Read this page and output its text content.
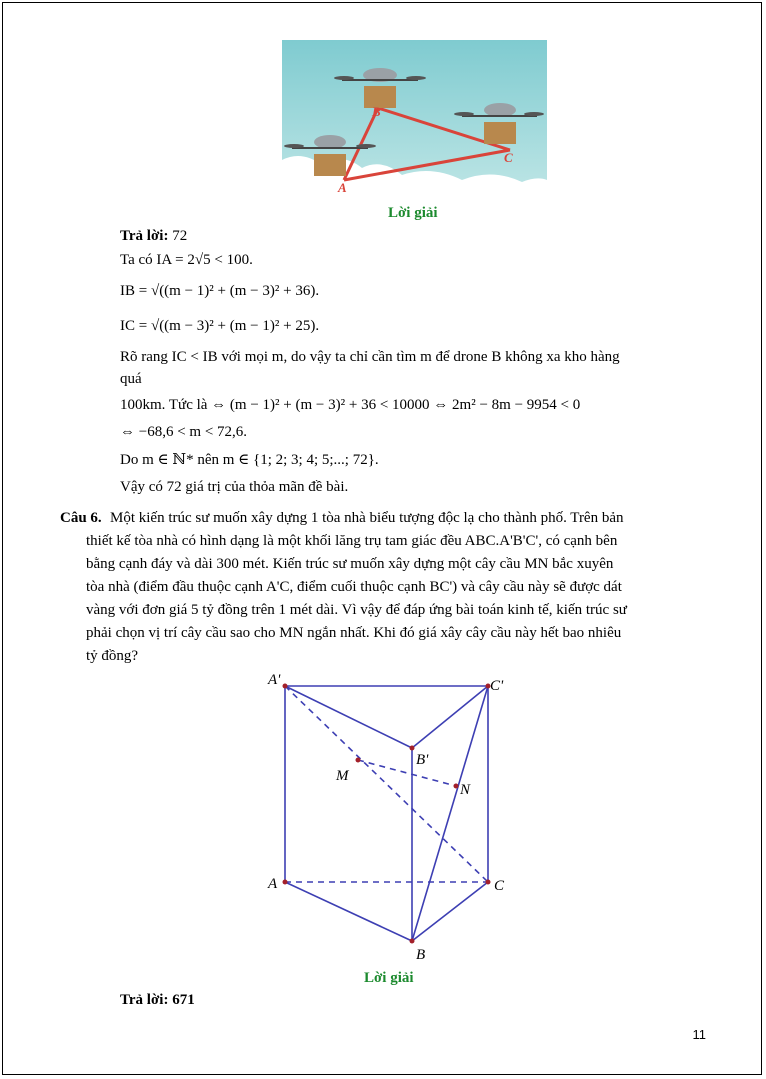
B
C
A
Lời giải
Trả lời: 72
Ta có IA = 2√5 < 100.
IB = √((m − 1)² + (m − 3)² + 36).
IC = √((m − 3)² + (m − 1)² + 25).
Rõ rang IC < IB với mọi m, do vậy ta chỉ cần tìm m để drone B không xa kho hàng
quá
100km. Tức là ⇔ (m − 1)² + (m − 3)² + 36 < 10000 ⇔ 2m² − 8m − 9954 < 0
⇔ −68,6 < m < 72,6.
Do m ∈ ℕ* nên m ∈ {1; 2; 3; 4; 5;...; 72}.
Vậy có 72 giá trị của thỏa mãn đề bài.
Câu 6. Một kiến trúc sư muốn xây dựng 1 tòa nhà biểu tượng độc lạ cho thành phố. Trên bản
thiết kế tòa nhà có hình dạng là một khối lăng trụ tam giác đều ABC.A'B'C', có cạnh bên
bằng cạnh đáy và dài 300 mét. Kiến trúc sư muốn xây dựng một cây cầu MN bắc xuyên
tòa nhà (điểm đầu thuộc cạnh A'C, điểm cuối thuộc cạnh BC') và cây cầu này sẽ được dát
vàng với đơn giá 5 tỷ đồng trên 1 mét dài. Vì vậy để đáp ứng bài toán kinh tế, kiến trúc sư
phải chọn vị trí cây cầu sao cho MN ngắn nhất. Khi đó giá xây cây cầu này hết bao nhiêu
tỷ đồng?
A'	C'
B'
M
N
A	C
B
Lời giải
Trả lời: 671
11
